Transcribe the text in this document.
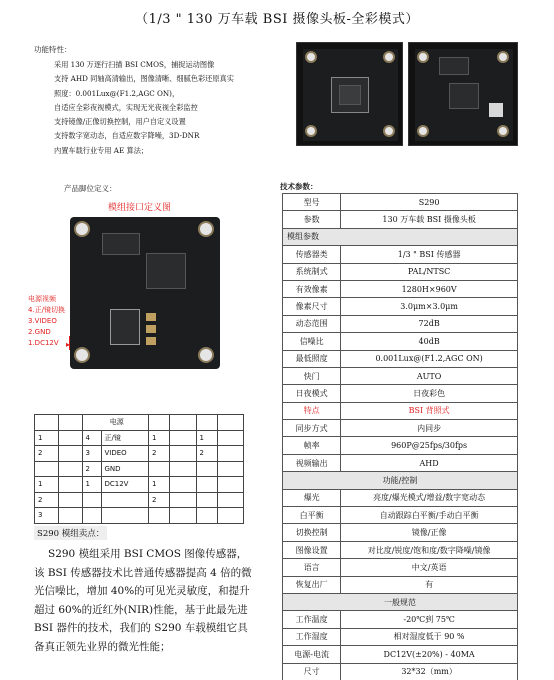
（1/3 " 130 万车载 BSI 摄像头板-全彩模式）
功能特性：
采用 130 万逐行扫描 BSI CMOS，捕捉运动图像
支持 AHD 同轴高清输出，图像清晰、细腻色彩还原真实
照度：0.001Lux@(F1.2,AGC ON)，
自适应全彩夜视模式，实现无光夜视全彩监控
支持镜像/正像切换控制，用户自定义设置
支持数字宽动态，自适应数字降噪，3D-DNR
内置车载行业专用 AE 算法；
产品脚位定义：
模组接口定义图
电源视频
4.正/镜切换
3.VIDEO
2.GND
1.DC12V ▸
		电源					
1		4	正/镜	1		1	
2		3	VIDEO	2		2	
		2	GND				
1		1	DC12V	1			
2				2			
3							
S290 模组卖点：
S290 模组采用 BSI CMOS 图像传感器，该 BSI 传感器技术比普通传感器提高 4 倍的微光信噪比，增加 40%的可见光灵敏度，和提升超过 60%的近红外(NIR)性能，基于此最先进 BSI 器件的技术，我们的 S290 车载模组它具备真正领先业界的微光性能；
技术参数：
型号	S290
参数	130 万车载 BSI 摄像头板
模组参数	
传感器类	1/3 " BSI 传感器
系统制式	PAL/NTSC
有效像素	1280H×960V
像素尺寸	3.0μm×3.0μm
动态范围	72dB
信噪比	40dB
最低照度	0.001Lux@(F1.2,AGC ON)
快门	AUTO
日夜模式	日夜彩色
特点	BSI 背照式
同步方式	内同步
帧率	960P@25fps/30fps
视频输出	AHD
功能/控制	
爆光	亮度/爆光模式/增益/数字宽动态
白平衡	自动跟踪白平衡/手动白平衡
切换控制	镜像/正像
图像设置	对比度/锐度/饱和度/数字降噪/镜像
语言	中文/英语
恢复出厂	有
一般规范	
工作温度	-20℃到 75℃
工作湿度	相对湿度低于 90 %
电源-电流	DC12V(±20%) - 40MA
尺寸	32*32（mm）
